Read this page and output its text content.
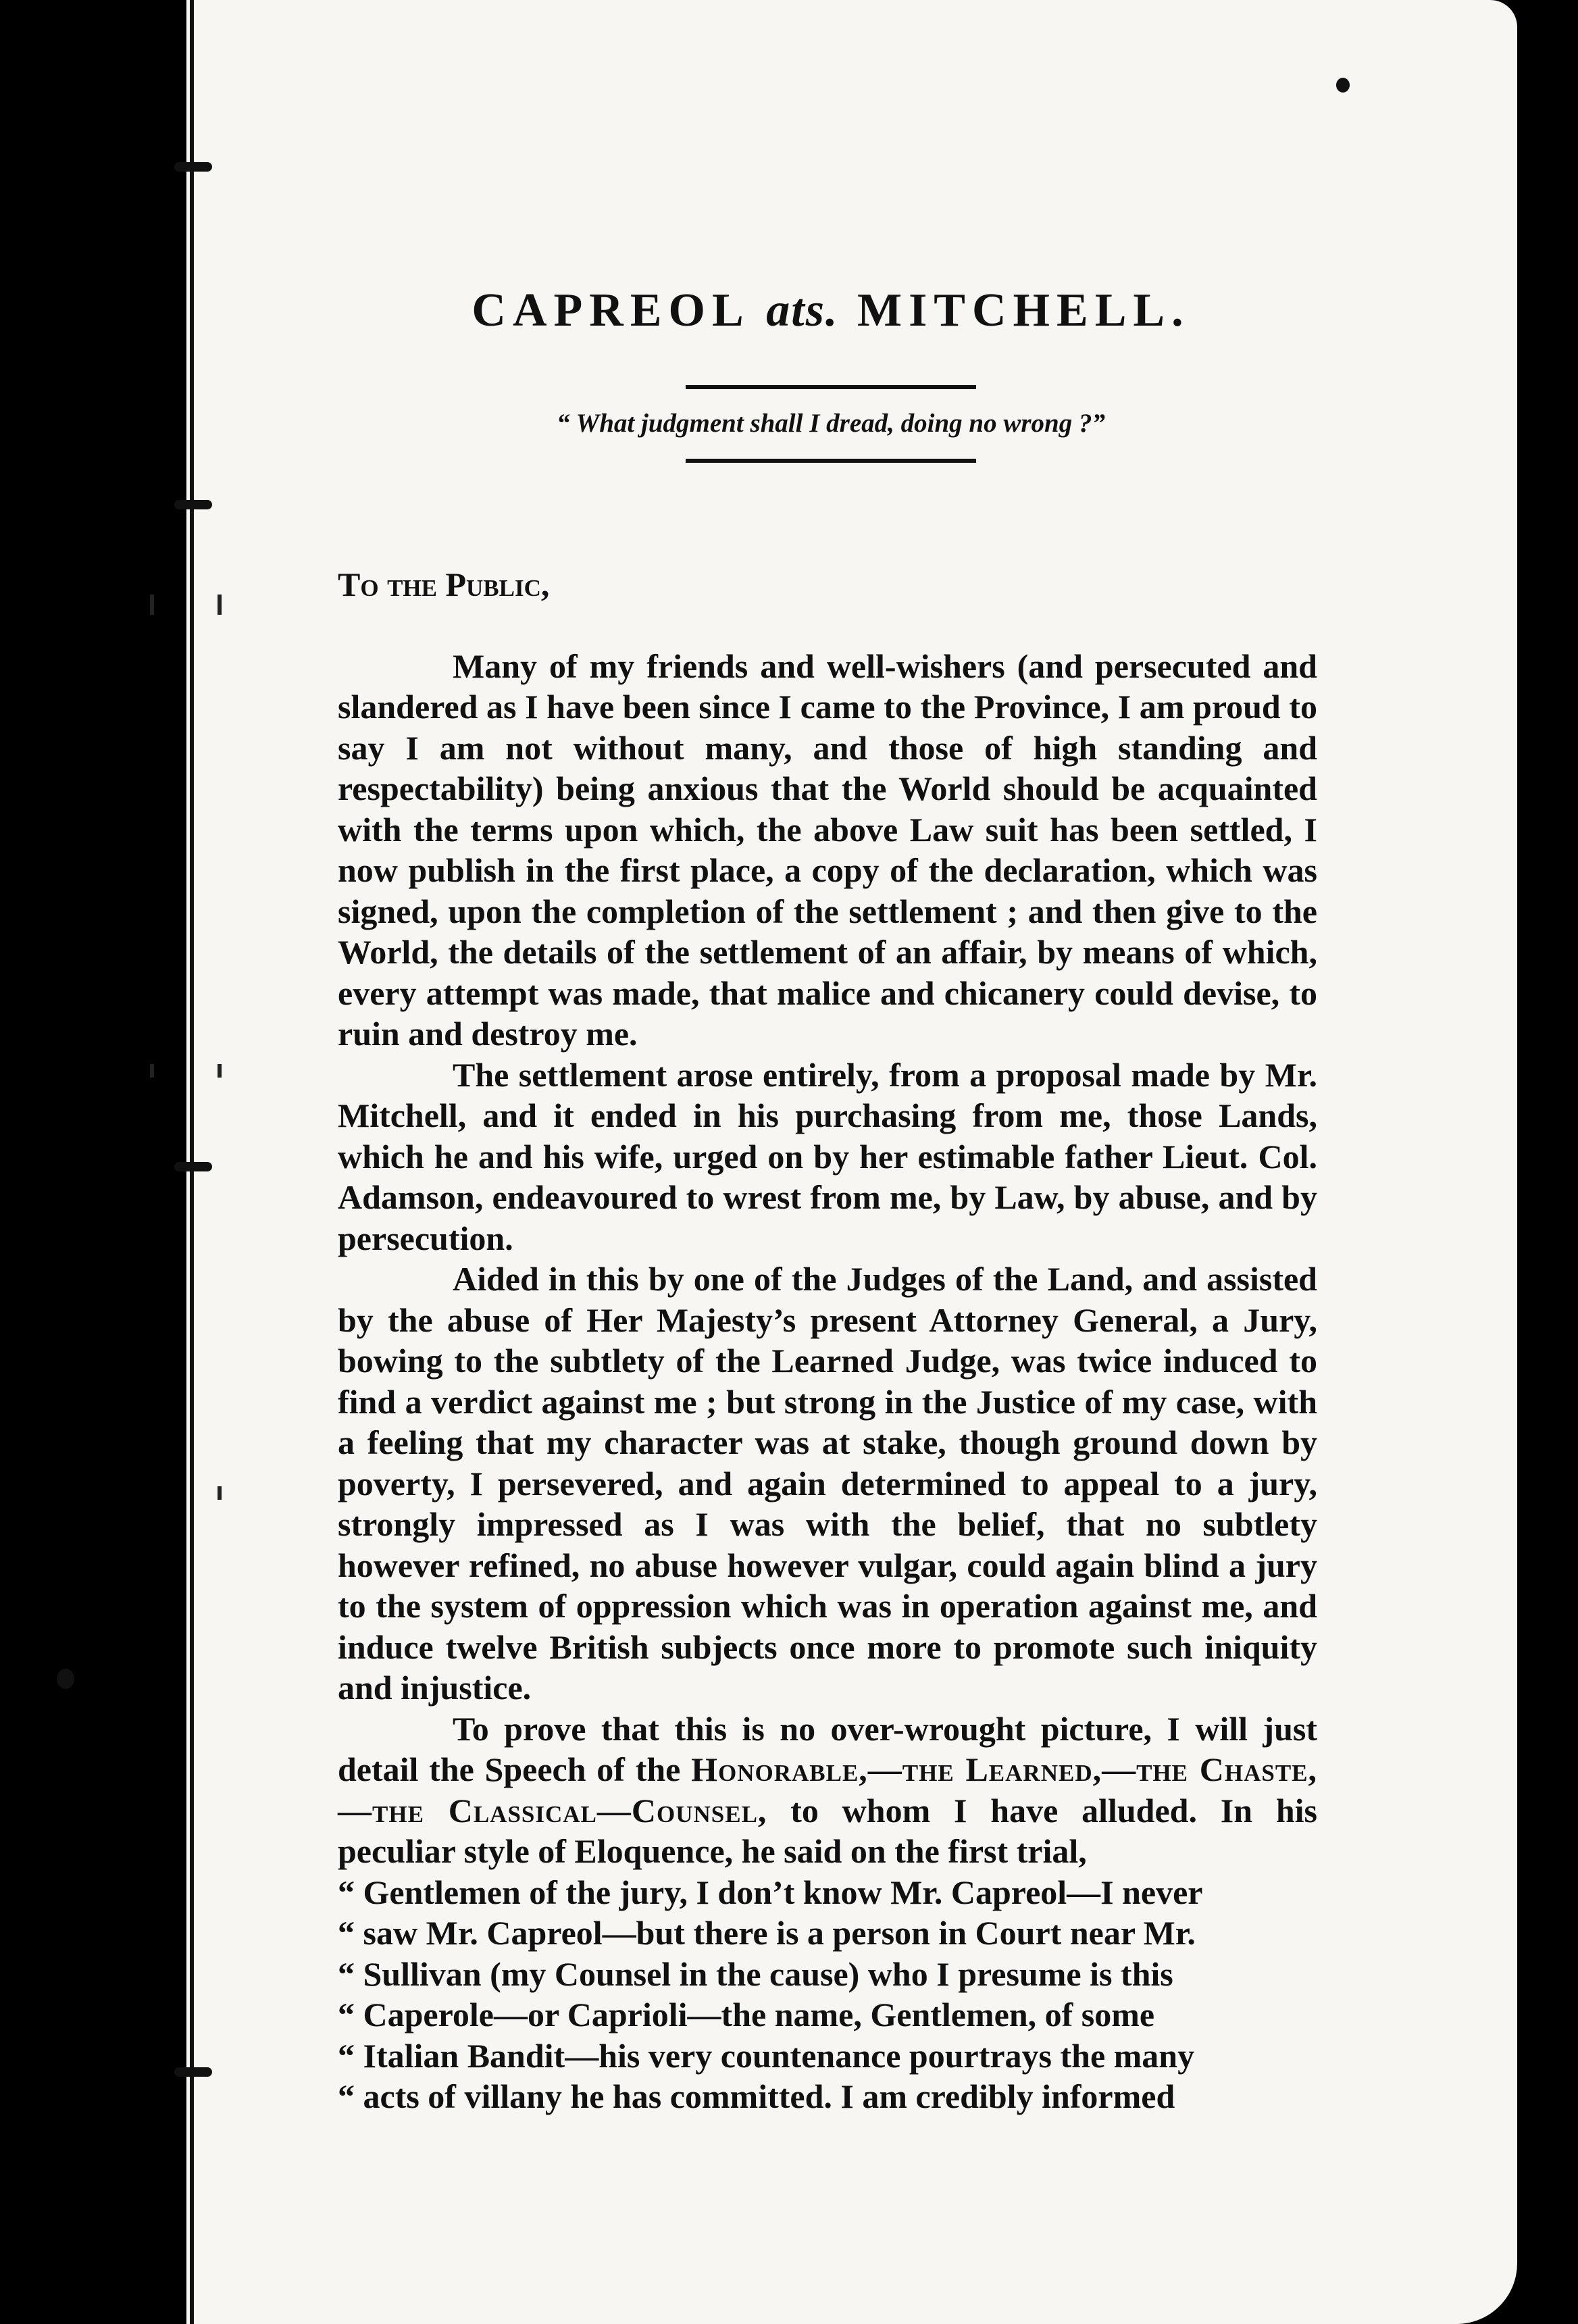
CAPREOL ats. MITCHELL.
“ What judgment shall I dread, doing no wrong ?”
To the Public,

Many of my friends and well-wishers (and persecuted and slandered as I have been since I came to the Province, I am proud to say I am not without many, and those of high standing and respectability) being anxious that the World should be acquainted with the terms upon which, the above Law suit has been settled, I now publish in the first place, a copy of the declaration, which was signed, upon the completion of the settlement ; and then give to the World, the details of the settlement of an affair, by means of which, every attempt was made, that malice and chicanery could devise, to ruin and destroy me.

The settlement arose entirely, from a proposal made by Mr. Mitchell, and it ended in his purchasing from me, those Lands, which he and his wife, urged on by her estimable father Lieut. Col. Adamson, endeavoured to wrest from me, by Law, by abuse, and by persecution.

Aided in this by one of the Judges of the Land, and assisted by the abuse of Her Majesty’s present Attorney General, a Jury, bowing to the subtlety of the Learned Judge, was twice induced to find a verdict against me ; but strong in the Justice of my case, with a feeling that my character was at stake, though ground down by poverty, I persevered, and again determined to appeal to a jury, strongly impressed as I was with the belief, that no subtlety however refined, no abuse however vulgar, could again blind a jury to the system of oppression which was in operation against me, and induce twelve British subjects once more to promote such iniquity and injustice.

To prove that this is no over-wrought picture, I will just detail the Speech of the Honorable,—the Learned,—the Chaste,—the Classical—Counsel, to whom I have alluded. In his peculiar style of Eloquence, he said on the first trial,

“ Gentlemen of the jury, I don’t know Mr. Capreol—I never

“ saw Mr. Capreol—but there is a person in Court near Mr.

“ Sullivan (my Counsel in the cause) who I presume is this

“ Caperole—or Caprioli—the name, Gentlemen, of some

“ Italian Bandit—his very countenance pourtrays the many

“ acts of villany he has committed. I am credibly informed
